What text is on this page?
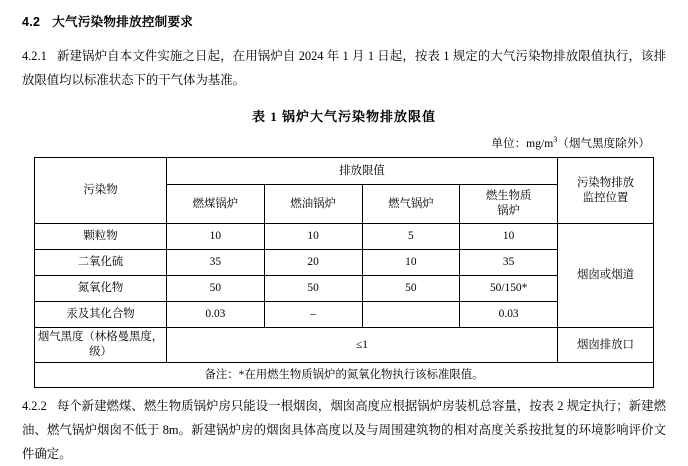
4.2 大气污染物排放控制要求

4.2.1 新建锅炉自本文件实施之日起，在用锅炉自 2024 年 1 月 1 日起，按表 1 规定的大气污染物排放限值执行，该排放限值均以标准状态下的干气体为基准。

表 1 锅炉大气污染物排放限值
单位：$mg/m^3$（烟气黑度除外）
污染物	排放限值				污染物排放
监控位置

	燃煤锅炉	燃油锅炉	燃气锅炉	燃生物质
锅炉	

颗粒物	10	10	5	10	烟囱或烟道
二氧化硫	35	20	10	35	
氮氧化物	50	50	50	50/150*	
汞及其化合物	0.03	–		0.03	
烟气黑度（林格曼黑度，级）	≤1				烟囱排放口
备注：*在用燃生物质锅炉的氮氧化物执行该标准限值。					

4.2.2 每个新建燃煤、燃生物质锅炉房只能设一根烟囱，烟囱高度应根据锅炉房装机总容量，按表 2 规定执行；新建燃油、燃气锅炉烟囱不低于 8m。新建锅炉房的烟囱具体高度以及与周围建筑物的相对高度关系按批复的环境影响评价文件确定。
